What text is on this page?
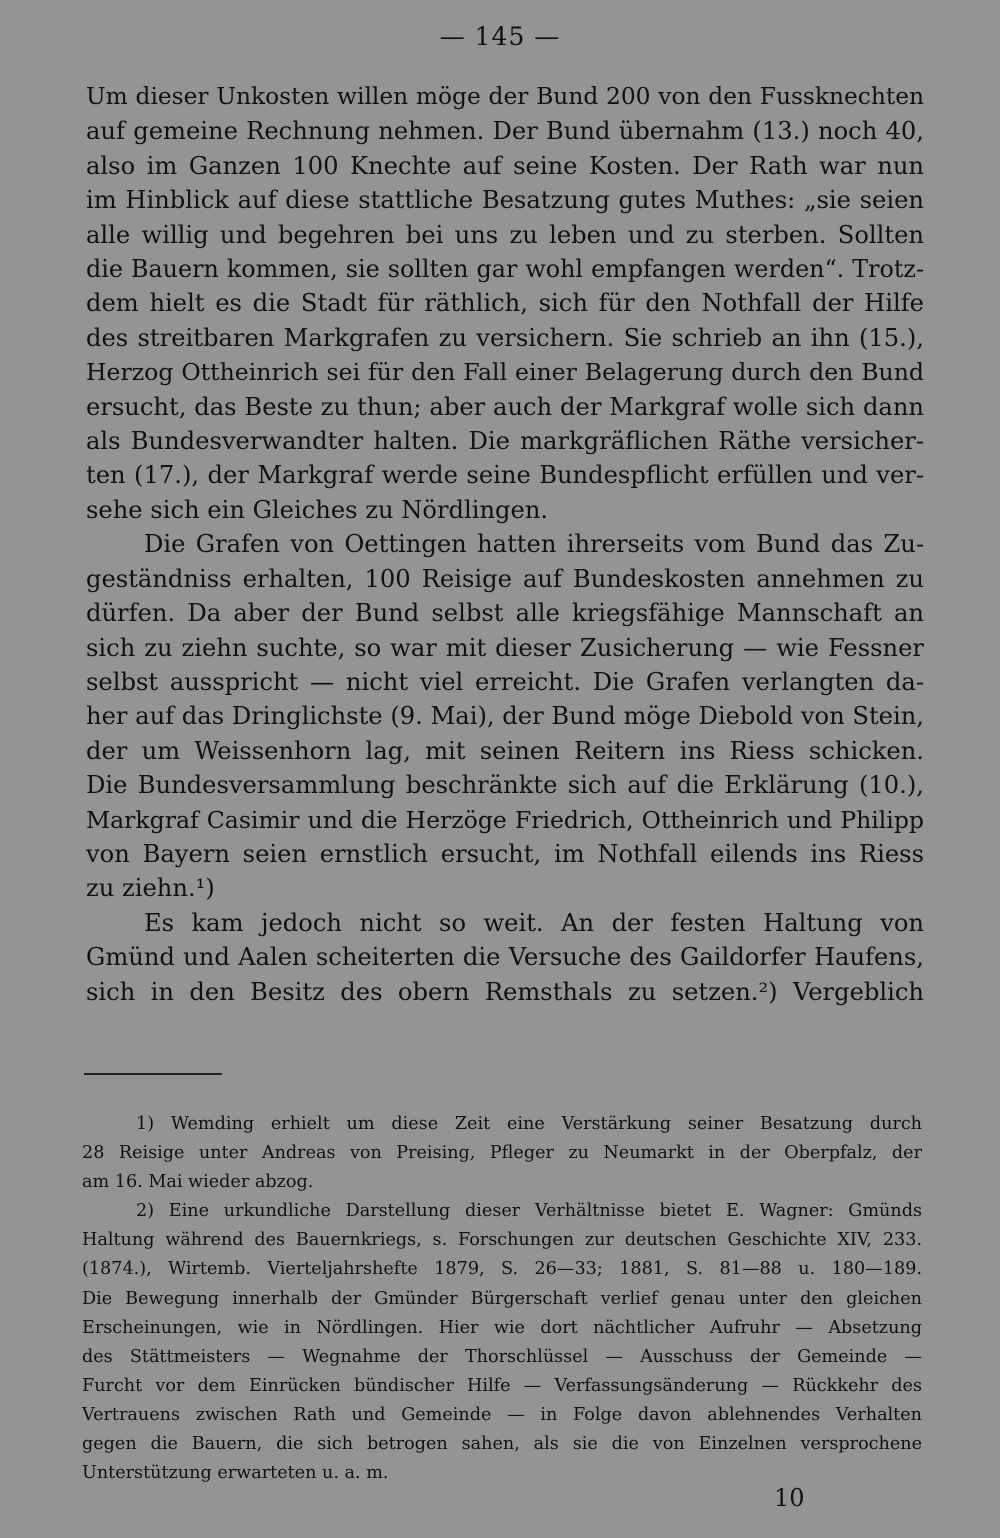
— 145 —
Um dieser Unkosten willen möge der Bund 200 von den Fussknechten
auf gemeine Rechnung nehmen. Der Bund übernahm (13.) noch 40,
also im Ganzen 100 Knechte auf seine Kosten. Der Rath war nun
im Hinblick auf diese stattliche Besatzung gutes Muthes: „sie seien
alle willig und begehren bei uns zu leben und zu sterben. Sollten
die Bauern kommen, sie sollten gar wohl empfangen werden“. Trotz-
dem hielt es die Stadt für räthlich, sich für den Nothfall der Hilfe
des streitbaren Markgrafen zu versichern. Sie schrieb an ihn (15.),
Herzog Ottheinrich sei für den Fall einer Belagerung durch den Bund
ersucht, das Beste zu thun; aber auch der Markgraf wolle sich dann
als Bundesverwandter halten. Die markgräflichen Räthe versicher-
ten (17.), der Markgraf werde seine Bundespflicht erfüllen und ver-
sehe sich ein Gleiches zu Nördlingen.
Die Grafen von Oettingen hatten ihrerseits vom Bund das Zu-
geständniss erhalten, 100 Reisige auf Bundeskosten annehmen zu
dürfen. Da aber der Bund selbst alle kriegsfähige Mannschaft an
sich zu ziehn suchte, so war mit dieser Zusicherung — wie Fessner
selbst ausspricht — nicht viel erreicht. Die Grafen verlangten da-
her auf das Dringlichste (9. Mai), der Bund möge Diebold von Stein,
der um Weissenhorn lag, mit seinen Reitern ins Riess schicken.
Die Bundesversammlung beschränkte sich auf die Erklärung (10.),
Markgraf Casimir und die Herzöge Friedrich, Ottheinrich und Philipp
von Bayern seien ernstlich ersucht, im Nothfall eilends ins Riess
zu ziehn.¹)
Es kam jedoch nicht so weit. An der festen Haltung von
Gmünd und Aalen scheiterten die Versuche des Gaildorfer Haufens,
sich in den Besitz des obern Remsthals zu setzen.²) Vergeblich
1) Wemding erhielt um diese Zeit eine Verstärkung seiner Besatzung durch
28 Reisige unter Andreas von Preising, Pfleger zu Neumarkt in der Oberpfalz, der
am 16. Mai wieder abzog.
2) Eine urkundliche Darstellung dieser Verhältnisse bietet E. Wagner: Gmünds
Haltung während des Bauernkriegs, s. Forschungen zur deutschen Geschichte XIV, 233.
(1874.), Wirtemb. Vierteljahrshefte 1879, S. 26—33; 1881, S. 81—88 u. 180—189.
Die Bewegung innerhalb der Gmünder Bürgerschaft verlief genau unter den gleichen
Erscheinungen, wie in Nördlingen. Hier wie dort nächtlicher Aufruhr — Absetzung
des Stättmeisters — Wegnahme der Thorschlüssel — Ausschuss der Gemeinde —
Furcht vor dem Einrücken bündischer Hilfe — Verfassungsänderung — Rückkehr des
Vertrauens zwischen Rath und Gemeinde — in Folge davon ablehnendes Verhalten
gegen die Bauern, die sich betrogen sahen, als sie die von Einzelnen versprochene
Unterstützung erwarteten u. a. m.
10
